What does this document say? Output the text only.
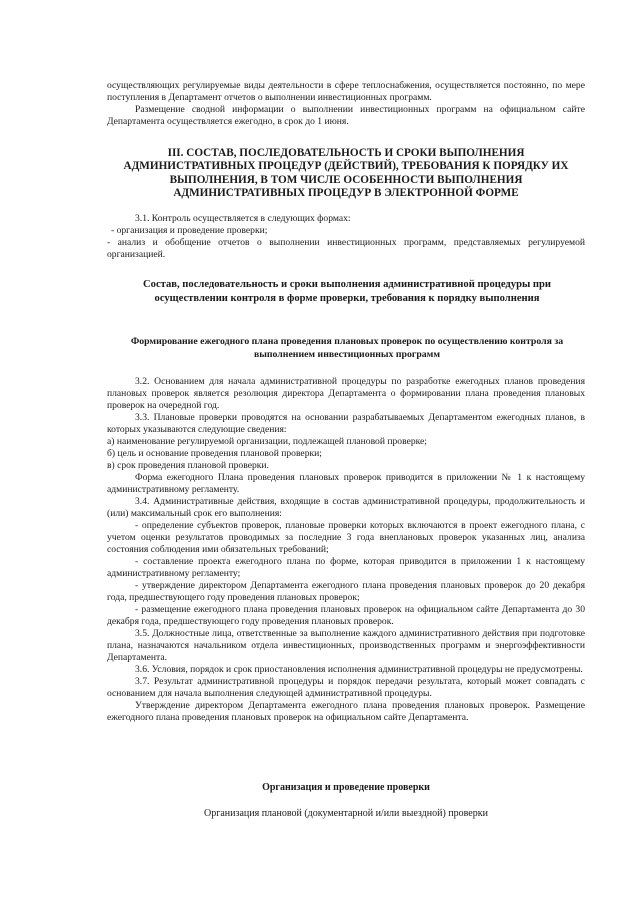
осуществляющих регулируемые виды деятельности в сфере теплоснабжения, осуществляется постоянно, по мере поступления в Департамент отчетов о выполнении инвестиционных программ.

Размещение сводной информации о выполнении инвестиционных программ на официальном сайте Департамента осуществляется ежегодно, в срок до 1 июня.

III. СОСТАВ, ПОСЛЕДОВАТЕЛЬНОСТЬ И СРОКИ ВЫПОЛНЕНИЯ АДМИНИСТРАТИВНЫХ ПРОЦЕДУР (ДЕЙСТВИЙ), ТРЕБОВАНИЯ К ПОРЯДКУ ИХ ВЫПОЛНЕНИЯ, В ТОМ ЧИСЛЕ ОСОБЕННОСТИ ВЫПОЛНЕНИЯ АДМИНИСТРАТИВНЫХ ПРОЦЕДУР В ЭЛЕКТРОННОЙ ФОРМЕ

3.1. Контроль осуществляется в следующих формах:

- организация и проведение проверки;

- анализ и обобщение отчетов о выполнении инвестиционных программ, представляемых регулируемой организацией.

Состав, последовательность и сроки выполнения административной процедуры при осуществлении контроля в форме проверки, требования к порядку выполнения
Формирование ежегодного плана проведения плановых проверок по осуществлению контроля за выполнением инвестиционных программ

3.2. Основанием для начала административной процедуры по разработке ежегодных планов проведения плановых проверок является резолюция директора Департамента о формировании плана проведения плановых проверок на очередной год.

3.3. Плановые проверки проводятся на основании разрабатываемых Департаментом ежегодных планов, в которых указываются следующие сведения:

а) наименование регулируемой организации, подлежащей плановой проверке;

б) цель и основание проведения плановой проверки;

в) срок проведения плановой проверки.

Форма ежегодного Плана проведения плановых проверок приводится в приложении № 1 к настоящему административному регламенту.

3.4. Административные действия, входящие в состав административной процедуры, продолжительность и (или) максимальный срок его выполнения:

- определение субъектов проверок, плановые проверки которых включаются в проект ежегодного плана, с учетом оценки результатов проводимых за последние 3 года внеплановых проверок указанных лиц, анализа состояния соблюдения ими обязательных требований;

- составление проекта ежегодного плана по форме, которая приводится в приложении 1 к настоящему административному регламенту;

- утверждение директором Департамента ежегодного плана проведения плановых проверок до 20 декабря года, предшествующего году проведения плановых проверок;

- размещение ежегодного плана проведения плановых проверок на официальном сайте Департамента до 30 декабря года, предшествующего году проведения плановых проверок.

3.5. Должностные лица, ответственные за выполнение каждого административного действия при подготовке плана, назначаются начальником отдела инвестиционных, производственных программ и энергоэффективности Департамента.

3.6. Условия, порядок и срок приостановления исполнения административной процедуры не предусмотрены.

3.7. Результат административной процедуры и порядок передачи результата, который может совпадать с основанием для начала выполнения следующей административной процедуры.

Утверждение директором Департамента ежегодного плана проведения плановых проверок. Размещение ежегодного плана проведения плановых проверок на официальном сайте Департамента.

Организация и проведение проверки
Организация плановой (документарной и/или выездной) проверки
